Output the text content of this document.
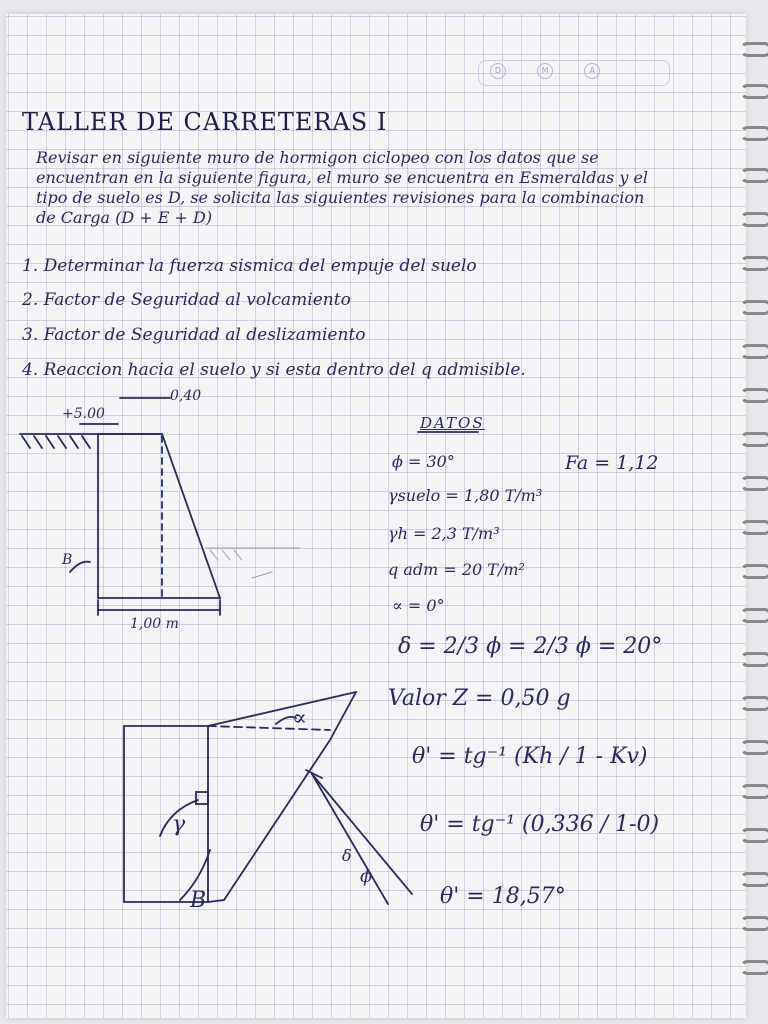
D	M	A
TALLER DE CARRETERAS I
Revisar en siguiente muro de hormigon ciclopeo con los datos que se encuentran en la siguiente figura, el muro se encuentra en Esmeraldas y el tipo de suelo es D, se solicita las siguientes revisiones para la combinacion de Carga (D + E + D)
1. Determinar la fuerza sismica del empuje del suelo
2. Factor de Seguridad al volcamiento
3. Factor de Seguridad al deslizamiento
4. Reaccion hacia el suelo y si esta dentro del q admisible.
+5.00
0,40
1,00 m
B
DATOS
ϕ = 30°	Fa = 1,12
γsuelo = 1,80 T/m³
γh = 2,3 T/m³
q adm = 20 T/m²
∝ = 0°
δ = 2/3 ϕ = 2/3 ϕ = 20°
Valor Z = 0,50 g
θ' = tg⁻¹ (Kh / 1 - Kv)
θ' = tg⁻¹ (0,336 / 1-0)
θ' = 18,57°
∝
γ
B
ϕ
δ
